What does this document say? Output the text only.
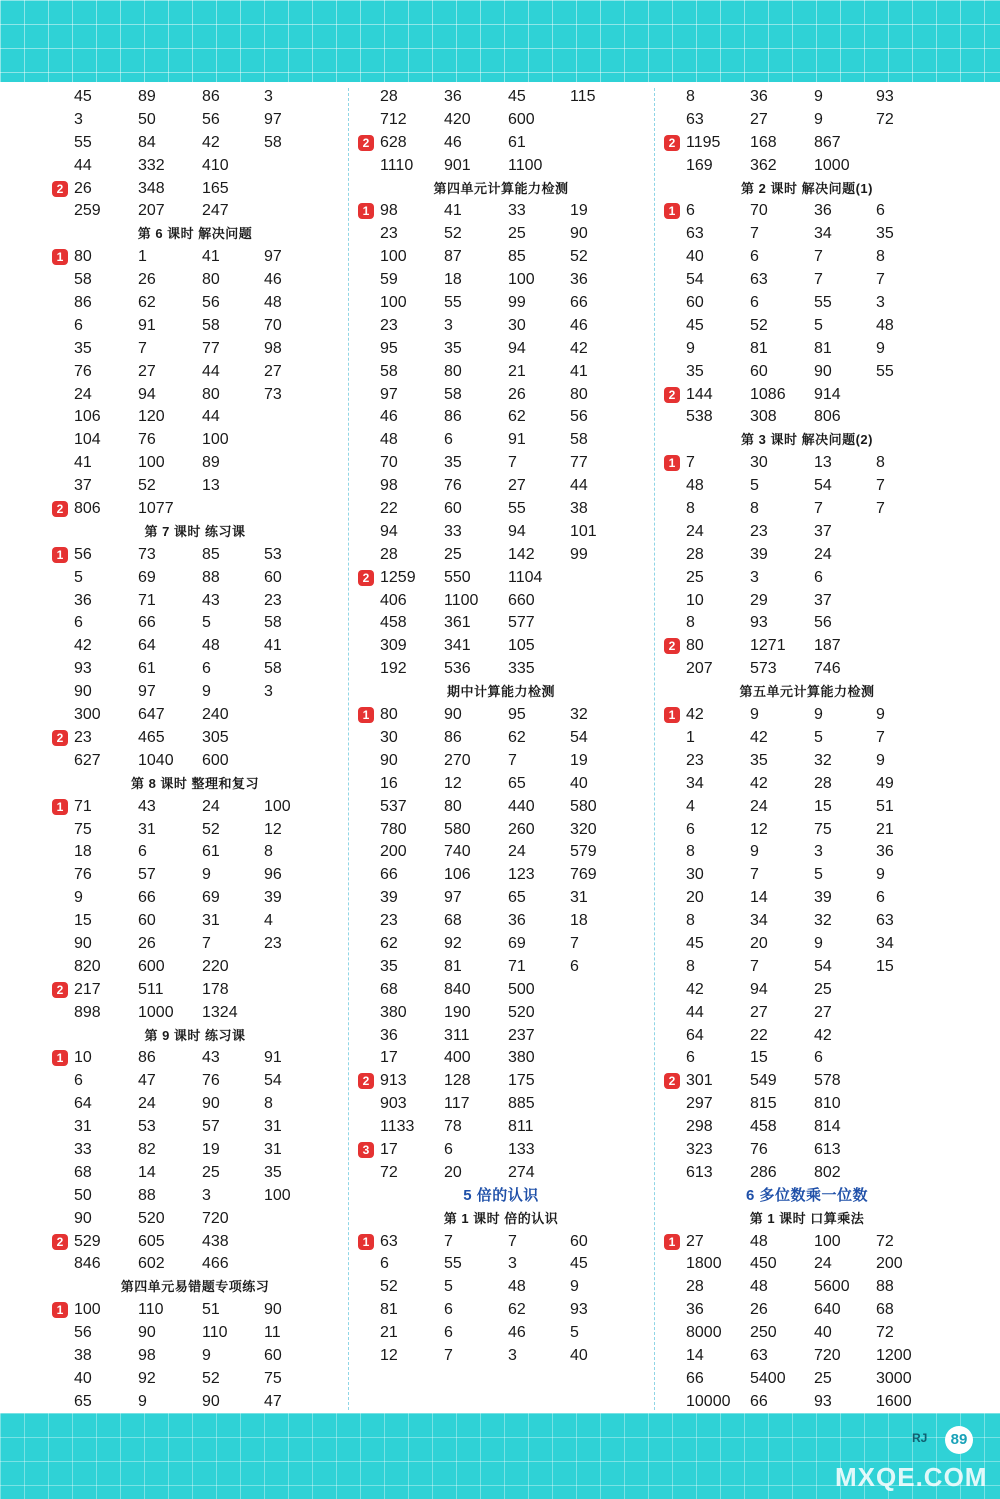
45	89	86	3
3	50	56	97
55	84	42	58
44	332 410
2 26	348 165
259 207 247
第 6 课时 解决问题
1 80	1	41	97
58	26	80	46
86	62	56	48
6	91	58	70
35	7	77	98
76	27	44	27
24	94	80	73
106 120 44
104 76	100
41	100 89
37	52	13
2 806 1077
第 7 课时 练习课
1 56	73	85	53
5	69	88	60
36	71	43	23
6	66	5	58
42	64	48	41
93	61	6	58
90	97	9	3
300 647 240
2 23	465 305
627 1040 600
第 8 课时 整理和复习
1 71	43	24	100
75	31	52	12
18	6	61	8
76	57	9	96
9	66	69	39
15	60	31	4
90	26	7	23
820 600 220
2 217 511 178
898 1000 1324
第 9 课时 练习课
1 10	86	43	91
6	47	76	54
64	24	90	8
31	53	57	31
33	82	19	31
68	14	25	35
50	88	3	100
90	520 720
2 529 605 438
846 602 466
第四单元易错题专项练习
1 100 110 51	90
56	90	110 11
38	98	9	60
40	92	52	75
65	9	90	47
28	36	45	115
712 420 600
2 628 46	61
1110 901 1100
第四单元计算能力检测
1 98	41	33	19
23	52	25	90
100 87	85	52
59	18	100 36
100 55	99	66
23	3	30	46
95	35	94	42
58	80	21	41
97	58	26	80
46	86	62	56
48	6	91	58
70	35	7	77
98	76	27	44
22	60	55	38
94	33	94	101
28	25	142 99
2 1259 550 1104
406 1100 660
458 361 577
309 341 105
192 536 335
期中计算能力检测
1 80	90	95	32
30	86	62	54
90	270 7	19
16	12	65	40
537 80	440 580
780 580 260 320
200 740 24	579
66	106 123 769
39	97	65	31
23	68	36	18
62	92	69	7
35	81	71	6
68	840 500
380 190 520
36	311 237
17	400 380
2 913 128 175
903 117 885
1133 78	811
3 17	6	133
72	20	274
5 倍的认识
第 1 课时 倍的认识
1 63	7	7	60
6	55	3	45
52	5	48	9
81	6	62	93
21	6	46	5
12	7	3	40
8	36	9	93
63	27	9	72
2 1195 168 867
169 362 1000
第 2 课时 解决问题(1)
1 6	70	36	6
63	7	34	35
40	6	7	8
54	63	7	7
60	6	55	3
45	52	5	48
9	81	81	9
35	60	90	55
2 144 1086 914
538 308 806
第 3 课时 解决问题(2)
1 7	30	13	8
48	5	54	7
8	8	7	7
24	23	37
28	39	24
25	3	6
10	29	37
8	93	56
2 80	1271 187
207 573 746
第五单元计算能力检测
1 42	9	9	9
1	42	5	7
23	35	32	9
34	42	28	49
4	24	15	51
6	12	75	21
8	9	3	36
30	7	5	9
20	14	39	6
8	34	32	63
45	20	9	34
8	7	54	15
42	94	25
44	27	27
64	22	42
6	15	6
2 301 549 578
297 815 810
298 458 814
323 76	613
613 286 802
6 多位数乘一位数
第 1 课时 口算乘法
1 27	48	100 72
1800 450 24	200
28	48	5600 88
36	26	640 68
8000 250 40	72
14	63	720 1200
66	5400 25	3000
10000 66	93	1600
RJ	89
MXQE.COM
